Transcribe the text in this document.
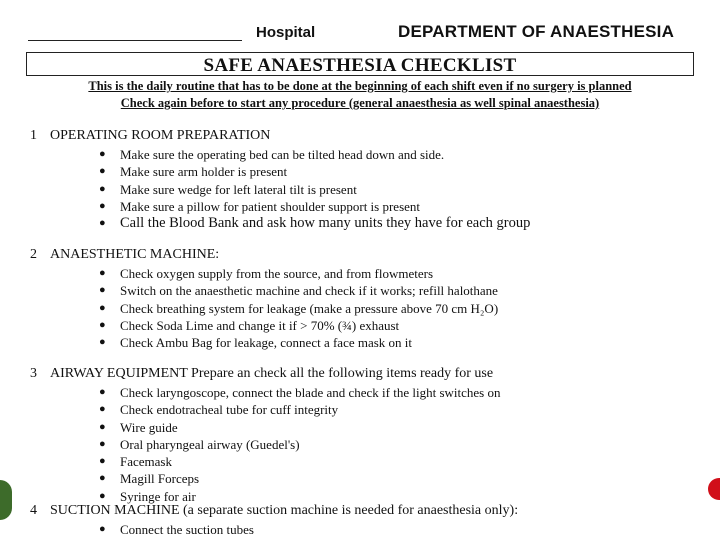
Hospital	DEPARTMENT OF ANAESTHESIA
SAFE ANAESTHESIA CHECKLIST
This is the daily routine that has to be done at the beginning of each shift even if no surgery is planned
Check again before to start any procedure (general anaesthesia as well spinal anaesthesia)
1 OPERATING ROOM PREPARATION
● Make sure the operating bed can be tilted head down and side.
● Make sure arm holder is present
● Make sure wedge for left lateral tilt is present
● Make sure a pillow for patient shoulder support is present
● Call the Blood Bank and ask how many units they have for each group
2 ANAESTHETIC MACHINE:
● Check oxygen supply from the source, and from flowmeters
● Switch on the anaesthetic machine and check if it works; refill halothane
● Check breathing system for leakage (make a pressure above 70 cm H₂O)
● Check Soda Lime and change it if > 70% (¾) exhaust
● Check Ambu Bag for leakage, connect a face mask on it
3 AIRWAY EQUIPMENT Prepare an check all the following items ready for use
● Check laryngoscope, connect the blade and check if the light switches on
● Check endotracheal tube for cuff integrity
● Wire guide
● Oral pharyngeal airway (Guedel's)
● Facemask
● Magill Forceps
● Syringe for air
4 SUCTION MACHINE (a separate suction machine is needed for anaesthesia only):
● Connect the suction tubes
